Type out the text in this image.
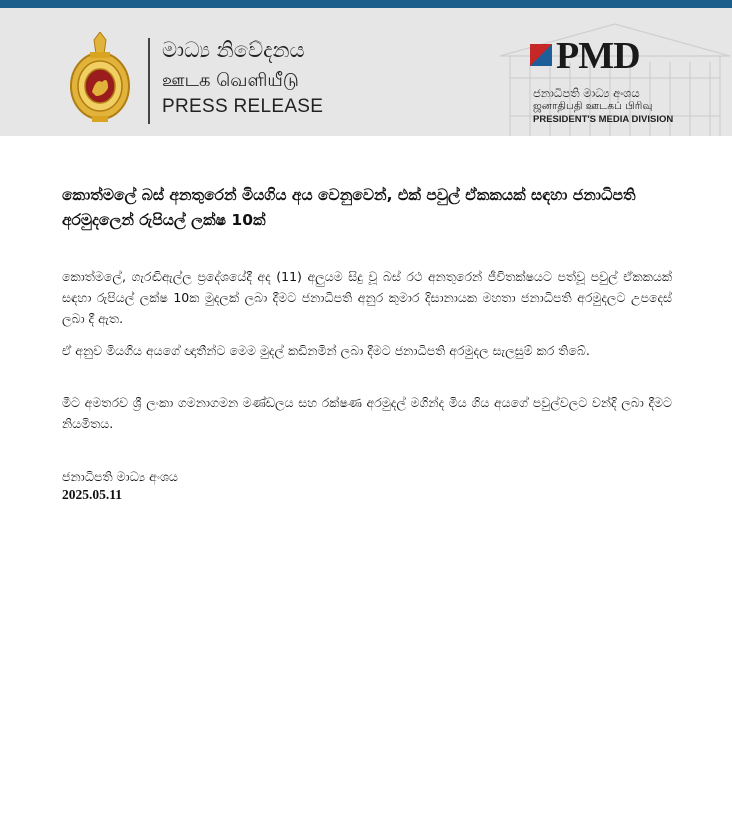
මාධ්‍ය නිවේදනය
ஊடக வெளியீடு
PRESS RELEASE
PMD
ජනාධිපති මාධ්‍ය අංශය
ஜனாதிபதி ஊடகப் பிரிவு
PRESIDENT'S MEDIA DIVISION
කොත්මලේ බස් අනතුරෙන් මියගිය අය වෙනුවෙන්, එක් පවුල් ඒකකයක් සඳහා ජනාධිපති අරමුදලෙන් රුපියල් ලක්ෂ 10ක්

කොත්මලේ, ගැරඬිඇල්ල ප්‍රදේශයේදී අද (11) අලුයම සිදු වූ බස් රථ අනතුරෙන් ජීවිතක්ෂයට පත්වූ පවුල් ඒකකයක් සඳහා රුපියල් ලක්ෂ 10ක මුදලක් ලබා දීමට ජනාධිපති අනුර කුමාර දිසානායක මහතා ජනාධිපති අරමුදලට උපදෙස් ලබා දී ඇත.

ඒ අනුව මියගිය අයගේ ඥාතීන්ට මෙම මුදල් කඩිනමින් ලබා දීමට ජනාධිපති අරමුදල සැලසුම් කර තිබේ.

මීට අමතරව ශ්‍රී ලංකා ගමනාගමන මණ්ඩලය සහ රක්ෂණ අරමුදල් මගින්ද මිය ගිය අයගේ පවුල්වලට වන්දි ලබා දීමට නියමිතය.

ජනාධිපති මාධ්‍ය අංශය
2025.05.11
